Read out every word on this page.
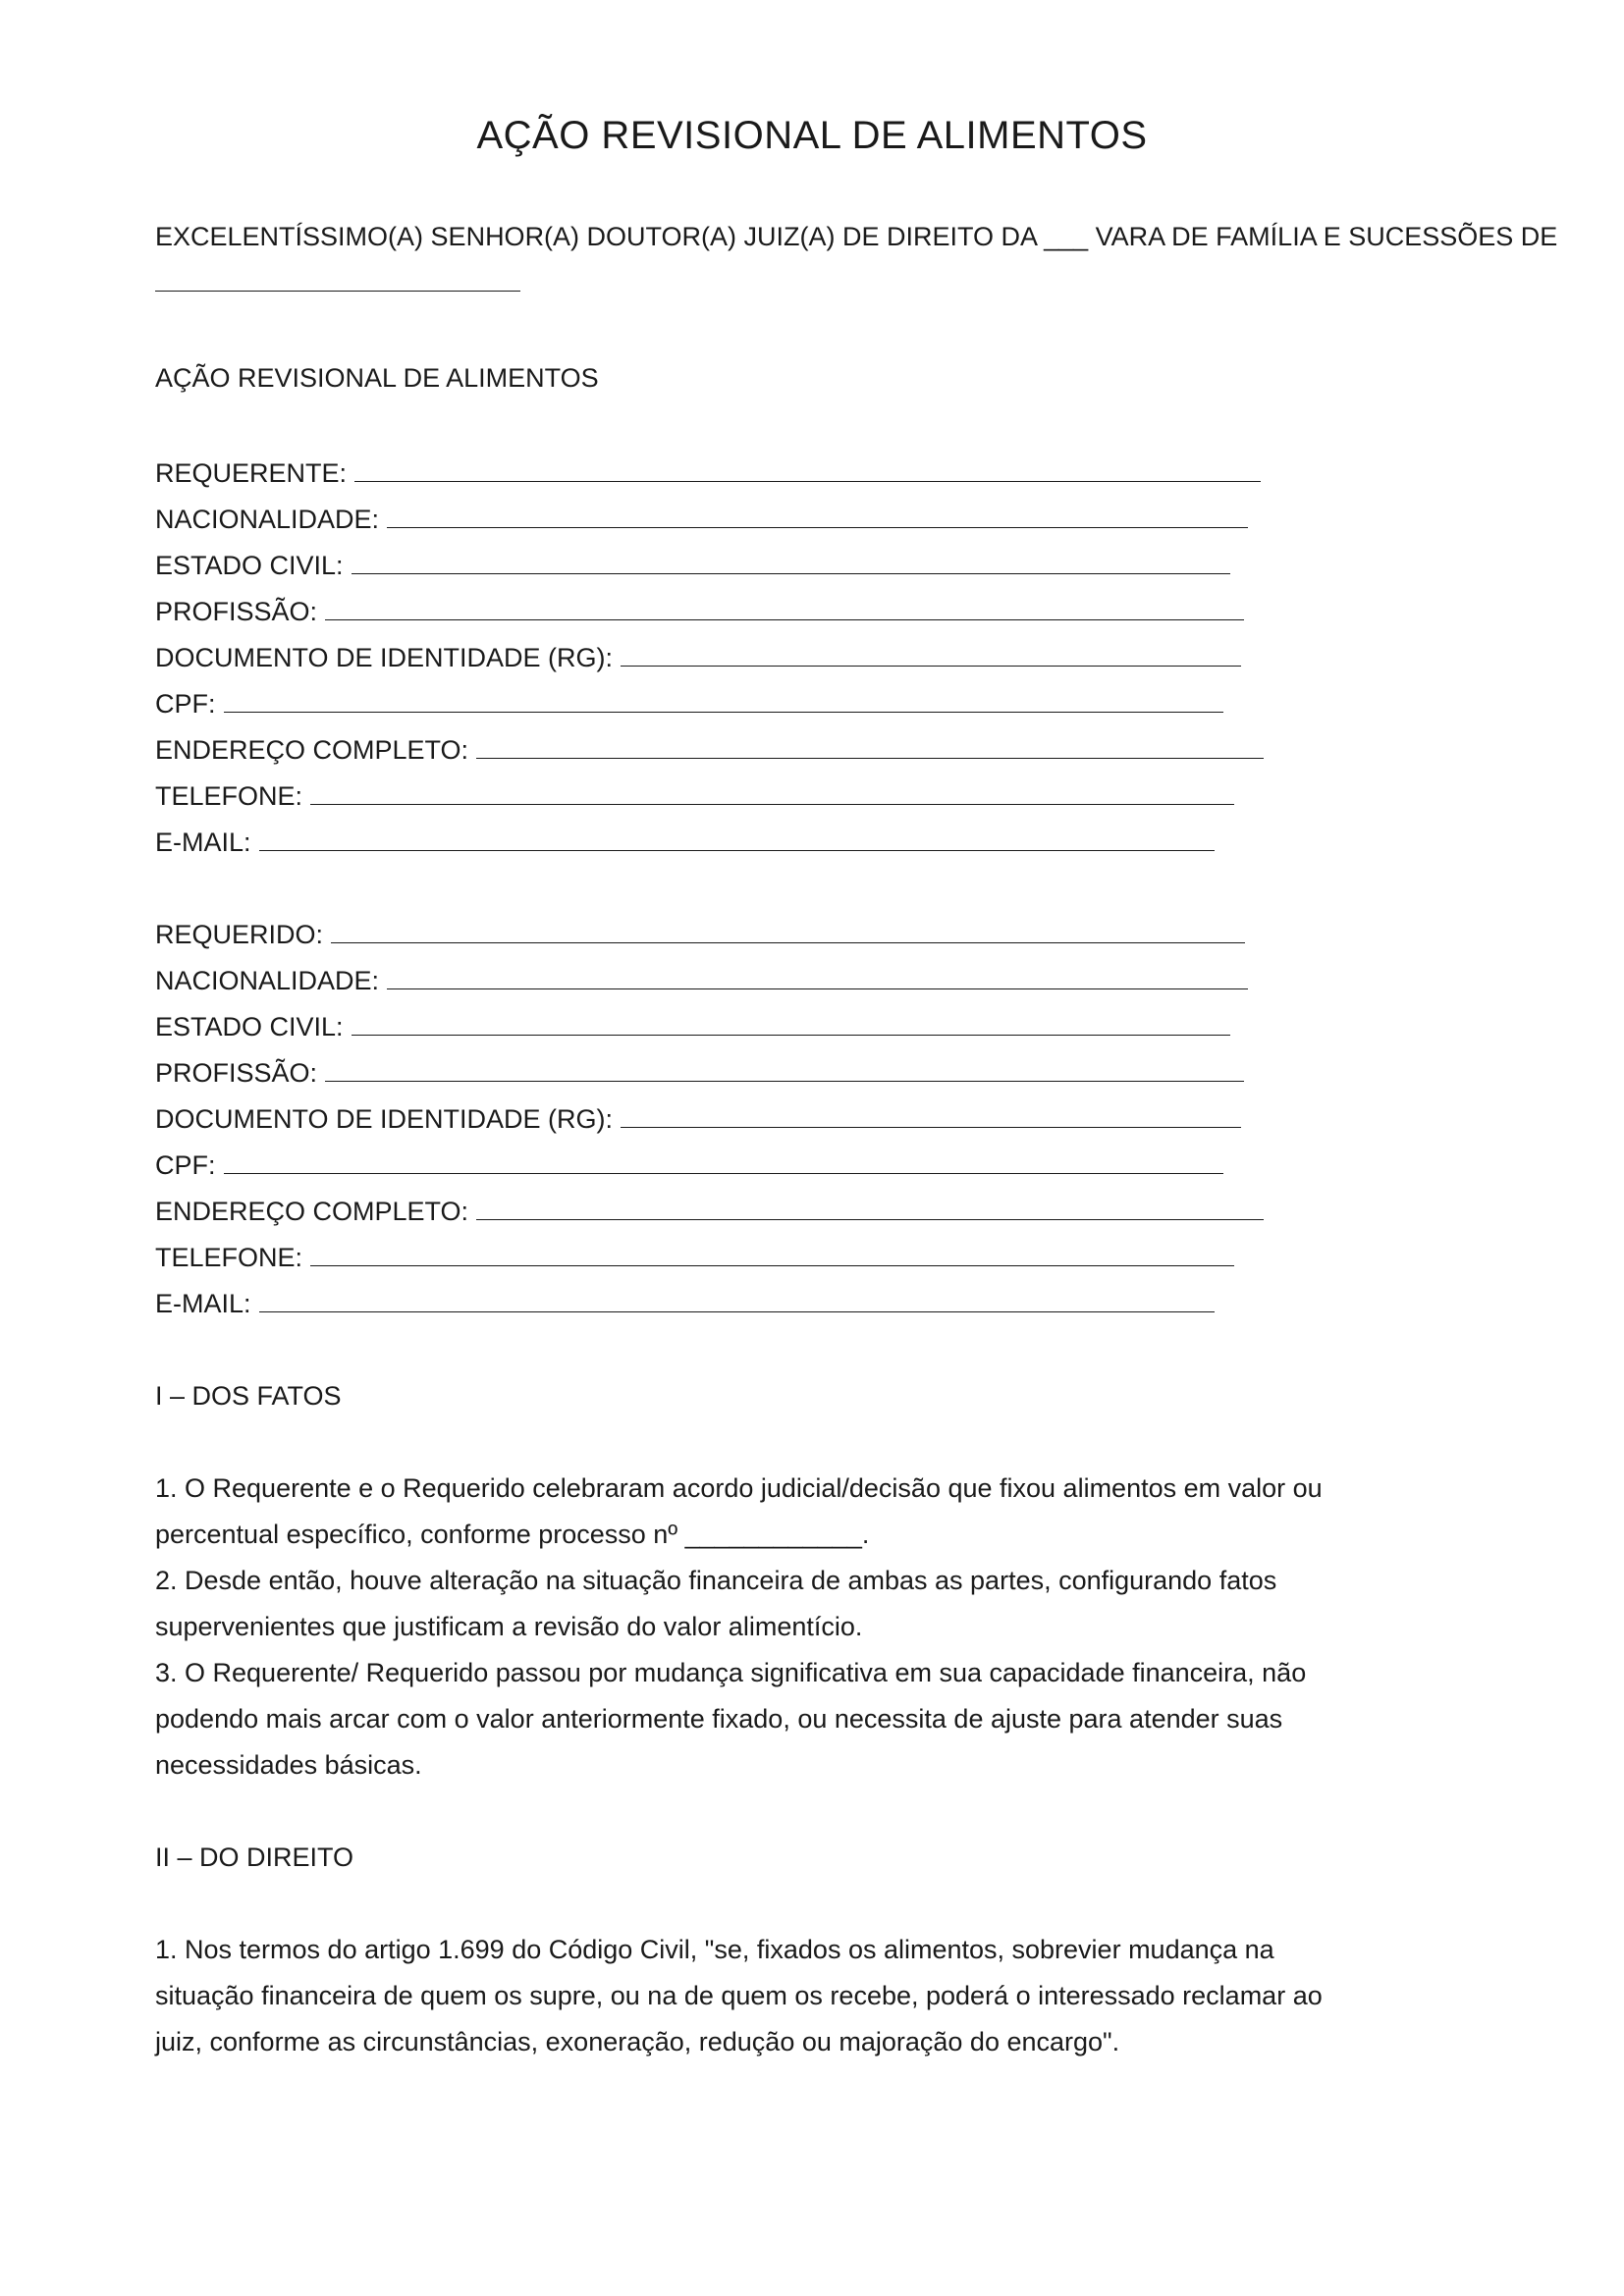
AÇÃO REVISIONAL DE ALIMENTOS
EXCELENTÍSSIMO(A) SENHOR(A) DOUTOR(A) JUIZ(A) DE DIREITO DA ___ VARA DE FAMÍLIA E SUCESSÕES DE
AÇÃO REVISIONAL DE ALIMENTOS
REQUERENTE:
NACIONALIDADE:
ESTADO CIVIL:
PROFISSÃO:
DOCUMENTO DE IDENTIDADE (RG):
CPF:
ENDEREÇO COMPLETO:
TELEFONE:
E-MAIL:
REQUERIDO:
NACIONALIDADE:
ESTADO CIVIL:
PROFISSÃO:
DOCUMENTO DE IDENTIDADE (RG):
CPF:
ENDEREÇO COMPLETO:
TELEFONE:
E-MAIL:
I – DOS FATOS

1. O Requerente e o Requerido celebraram acordo judicial/decisão que fixou alimentos em valor ou percentual específico, conforme processo nº ____________.

2. Desde então, houve alteração na situação financeira de ambas as partes, configurando fatos supervenientes que justificam a revisão do valor alimentício.

3. O Requerente/ Requerido passou por mudança significativa em sua capacidade financeira, não podendo mais arcar com o valor anteriormente fixado, ou necessita de ajuste para atender suas necessidades básicas.

II – DO DIREITO

1. Nos termos do artigo 1.699 do Código Civil, "se, fixados os alimentos, sobrevier mudança na situação financeira de quem os supre, ou na de quem os recebe, poderá o interessado reclamar ao juiz, conforme as circunstâncias, exoneração, redução ou majoração do encargo".
